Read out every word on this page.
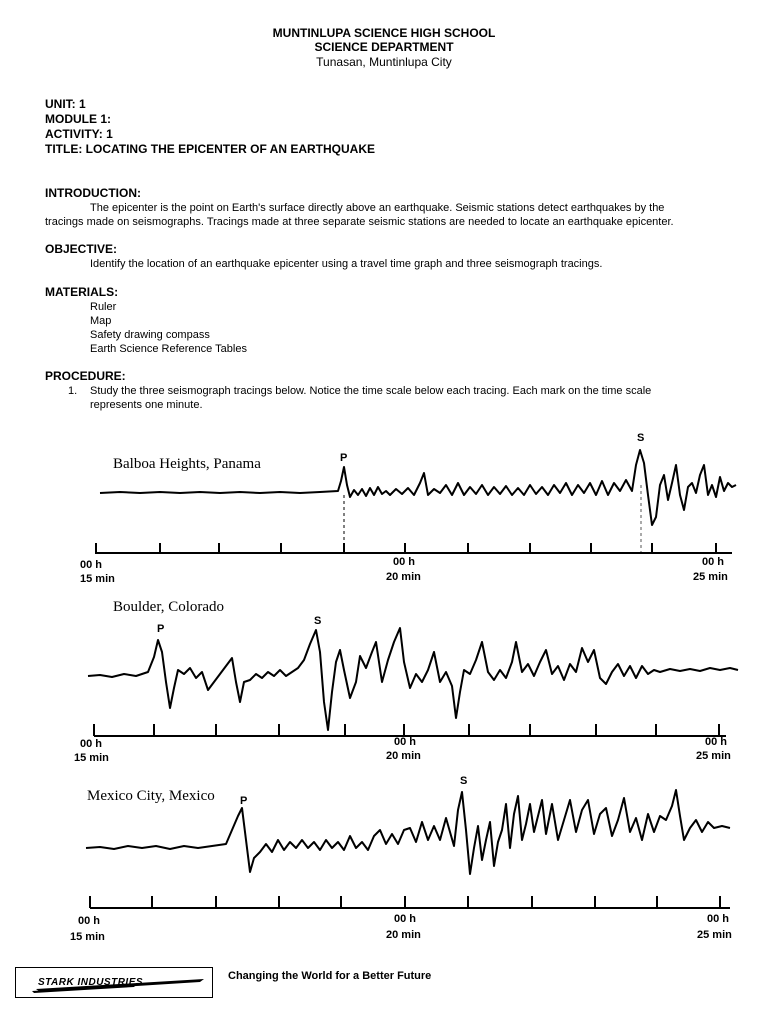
MUNTINLUPA SCIENCE HIGH SCHOOL
SCIENCE DEPARTMENT
Tunasan, Muntinlupa City
UNIT: 1
MODULE 1:
ACTIVITY: 1
TITLE: LOCATING THE EPICENTER OF AN EARTHQUAKE
INTRODUCTION:
The epicenter is the point on Earth's surface directly above an earthquake. Seismic stations detect earthquakes by the
tracings made on seismographs. Tracings made at three separate seismic stations are needed to locate an earthquake epicenter.
OBJECTIVE:
Identify the location of an earthquake epicenter using a travel time graph and three seismograph tracings.
MATERIALS:
Ruler
Map
Safety drawing compass
Earth Science Reference Tables
PROCEDURE:
1. Study the three seismograph tracings below. Notice the time scale below each tracing. Each mark on the time scale
represents one minute.
Balboa Heights, Panama	P
S
00 h
15 min
00 h
20 min
00 h
25 min
Boulder, Colorado
P
S
00 h
15 min
00 h
20 min
00 h
25 min
Mexico City, Mexico P
S
00 h
15 min
00 h
20 min
00 h
25 min
STARK INDUSTRIES
Changing the World for a Better Future
